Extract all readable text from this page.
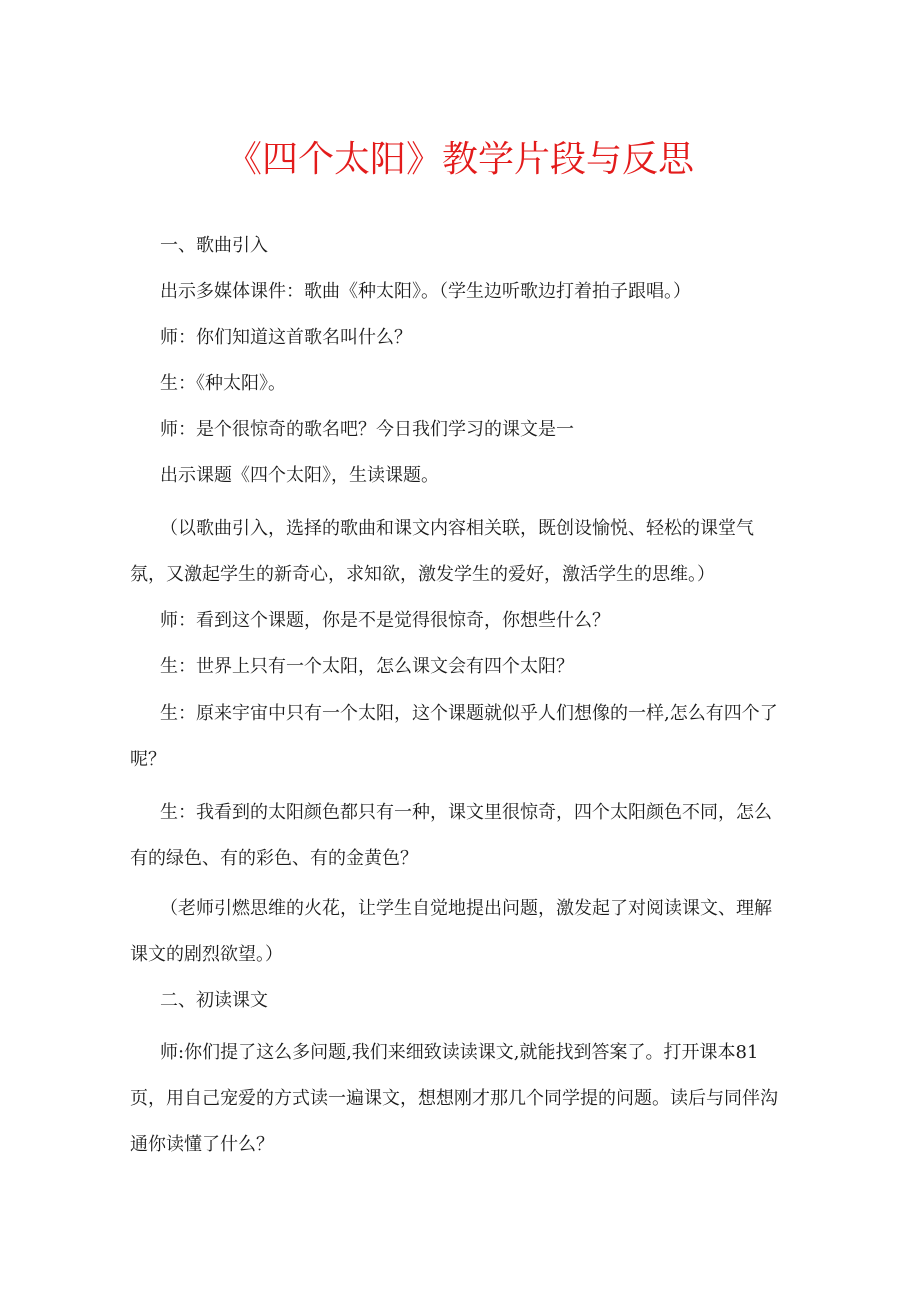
《四个太阳》教学片段与反思

一、歌曲引入

出示多媒体课件：歌曲《种太阳》。（学生边听歌边打着拍子跟唱。）

师：你们知道这首歌名叫什么？

生：《种太阳》。

师：是个很惊奇的歌名吧？今日我们学习的课文是一

出示课题《四个太阳》，生读课题。

（以歌曲引入，选择的歌曲和课文内容相关联，既创设愉悦、轻松的课堂气氛，又激起学生的新奇心，求知欲，激发学生的爱好，激活学生的思维。）

师：看到这个课题，你是不是觉得很惊奇，你想些什么？

生：世界上只有一个太阳，怎么课文会有四个太阳？

生：原来宇宙中只有一个太阳，这个课题就似乎人们想像的一样,怎么有四个了呢？

生：我看到的太阳颜色都只有一种，课文里很惊奇，四个太阳颜色不同，怎么有的绿色、有的彩色、有的金黄色？

（老师引燃思维的火花，让学生自觉地提出问题，激发起了对阅读课文、理解课文的剧烈欲望。）

二、初读课文

师:你们提了这么多问题,我们来细致读读课文,就能找到答案了。打开课本81页，用自己宠爱的方式读一遍课文，想想刚才那几个同学提的问题。读后与同伴沟通你读懂了什么？
